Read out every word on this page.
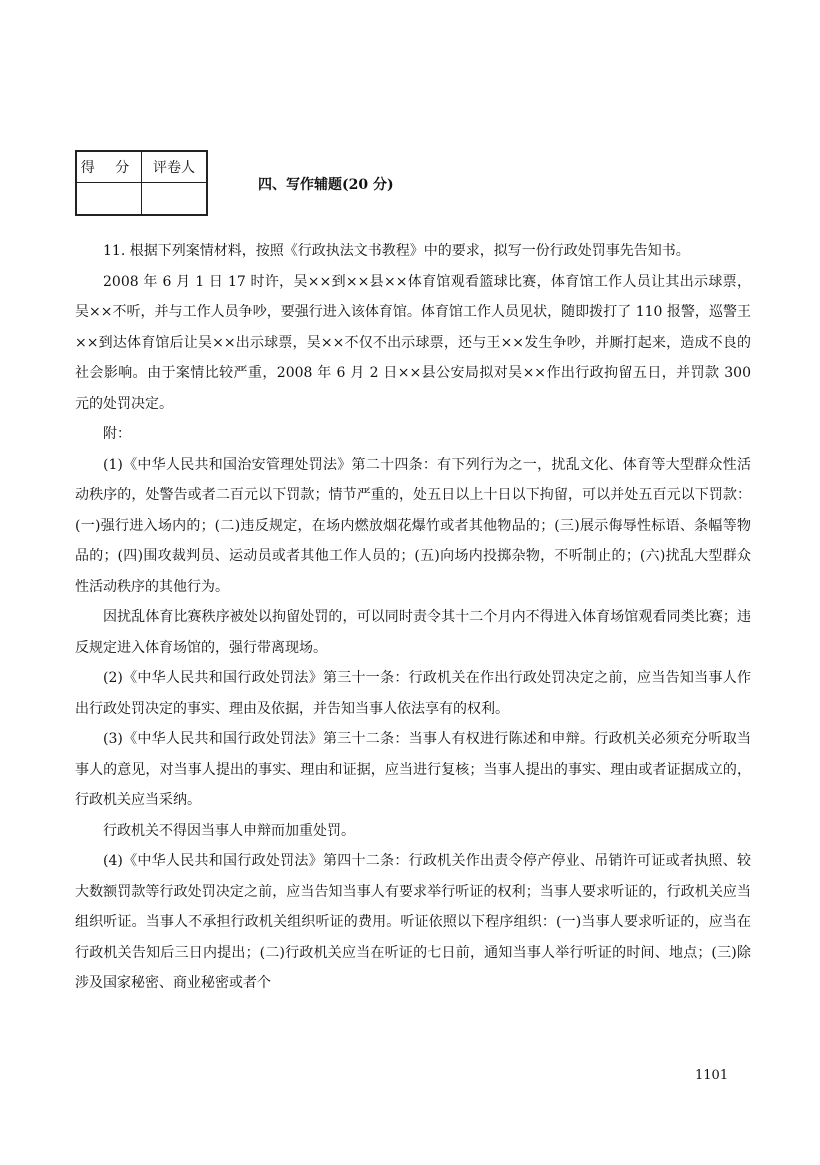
得 分	评卷人

四、写作辅题(20 分)

11. 根据下列案情材料，按照《行政执法文书教程》中的要求，拟写一份行政处罚事先告知书。

2008 年 6 月 1 日 17 时许，吴××到××县××体育馆观看篮球比赛，体育馆工作人员让其出示球票，吴××不听，并与工作人员争吵，要强行进入该体育馆。体育馆工作人员见状，随即拨打了 110 报警，巡警王××到达体育馆后让吴××出示球票，吴××不仅不出示球票，还与王××发生争吵，并厮打起来，造成不良的社会影响。由于案情比较严重，2008 年 6 月 2 日××县公安局拟对吴××作出行政拘留五日，并罚款 300 元的处罚决定。

附：

(1)《中华人民共和国治安管理处罚法》第二十四条：有下列行为之一，扰乱文化、体育等大型群众性活动秩序的，处警告或者二百元以下罚款；情节严重的，处五日以上十日以下拘留，可以并处五百元以下罚款：(一)强行进入场内的；(二)违反规定，在场内燃放烟花爆竹或者其他物品的；(三)展示侮辱性标语、条幅等物品的；(四)围攻裁判员、运动员或者其他工作人员的；(五)向场内投掷杂物，不听制止的；(六)扰乱大型群众性活动秩序的其他行为。

因扰乱体育比赛秩序被处以拘留处罚的，可以同时责令其十二个月内不得进入体育场馆观看同类比赛；违反规定进入体育场馆的，强行带离现场。

(2)《中华人民共和国行政处罚法》第三十一条：行政机关在作出行政处罚决定之前，应当告知当事人作出行政处罚决定的事实、理由及依据，并告知当事人依法享有的权利。

(3)《中华人民共和国行政处罚法》第三十二条：当事人有权进行陈述和申辩。行政机关必须充分听取当事人的意见，对当事人提出的事实、理由和证据，应当进行复核；当事人提出的事实、理由或者证据成立的，行政机关应当采纳。

行政机关不得因当事人申辩而加重处罚。

(4)《中华人民共和国行政处罚法》第四十二条：行政机关作出责令停产停业、吊销许可证或者执照、较大数额罚款等行政处罚决定之前，应当告知当事人有要求举行听证的权利；当事人要求听证的，行政机关应当组织听证。当事人不承担行政机关组织听证的费用。听证依照以下程序组织：(一)当事人要求听证的，应当在行政机关告知后三日内提出；(二)行政机关应当在听证的七日前，通知当事人举行听证的时间、地点；(三)除涉及国家秘密、商业秘密或者个

1101
